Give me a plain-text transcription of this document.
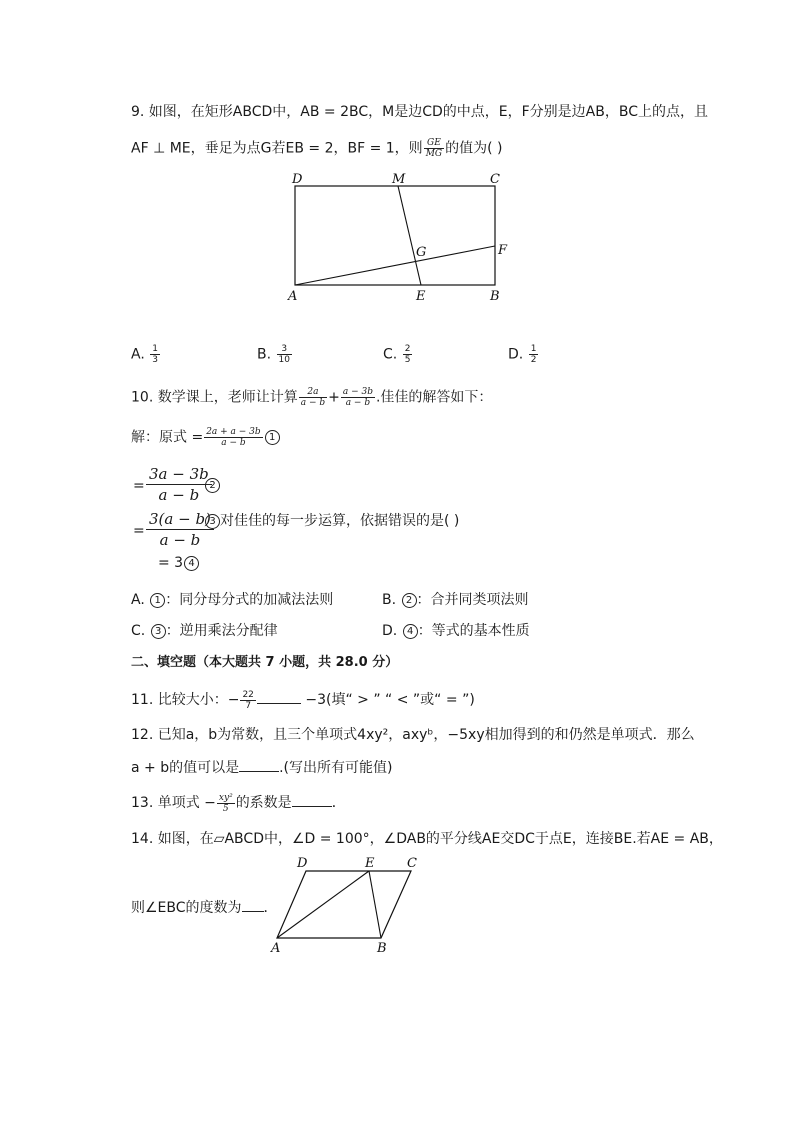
9. 如图，在矩形ABCD中，AB = 2BC，M是边CD的中点，E，F分别是边AB，BC上的点，且
AF ⊥ ME，垂足为点G若EB = 2，BF = 1，则 $\frac{GE}{MG}$ 的值为( )
D	M	C
G	F
A	E	B
A. $\frac{1}{3}$	B. $\frac{3}{10}$	C. $\frac{2}{5}$	D. $\frac{1}{2}$
10. 数学课上，老师让计算 $\frac{2a}{a - b} + \frac{a - 3b}{a - b}$ .佳佳的解答如下：
解：原式 = $\frac{2a + a - 3b}{a - b} 1$
= $\frac{3a - 3b}{a - b}$
2
= $\frac{3(a - b)}{a - b}$
3 对佳佳的每一步运算，依据错误的是( )
= 3 4
A. 1 ：同分母分式的加减法法则	B. 2 ：合并同类项法则
C. 3 ：逆用乘法分配律	D. 4 ：等式的基本性质
二、填空题（本大题共 7 小题，共 28.0 分）
11. 比较大小：− $\frac{22}{7}$	−3(填“ > ” “ < ”或“ = ”)
12. 已知a，b为常数，且三个单项式4xy²，axyᵇ，−5xy相加得到的和仍然是单项式．那么
a + b的值可以是	.(写出所有可能值)
13. 单项式 − $\frac{\text{xy²}}{5}$ 的系数是	．
14. 如图，在▱ABCD中，∠D = 100°，∠DAB的平分线AE交DC于点E，连接BE.若AE = AB，
则∠EBC的度数为 ．
D	E	C
A	B
